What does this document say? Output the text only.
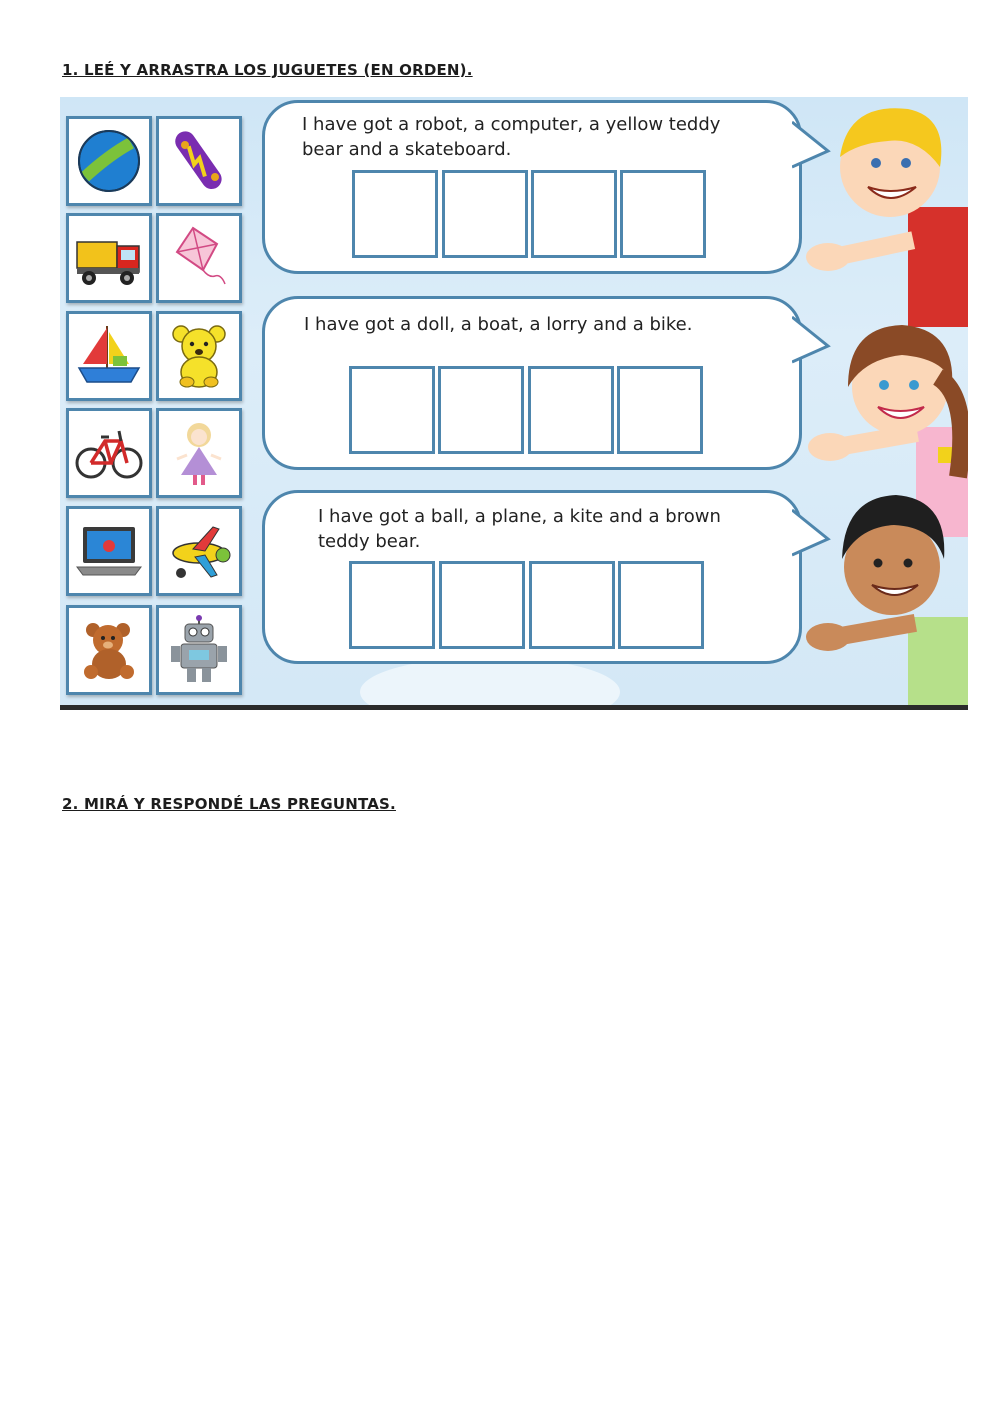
1. LEÉ Y ARRASTRA LOS JUGUETES (EN ORDEN).
I have got a robot, a computer, a yellow teddy bear and a skateboard.
I have got a doll, a boat, a lorry and a bike.
I have got a ball, a plane, a kite and a brown teddy bear.
2. MIRÁ Y RESPONDÉ LAS PREGUNTAS.
